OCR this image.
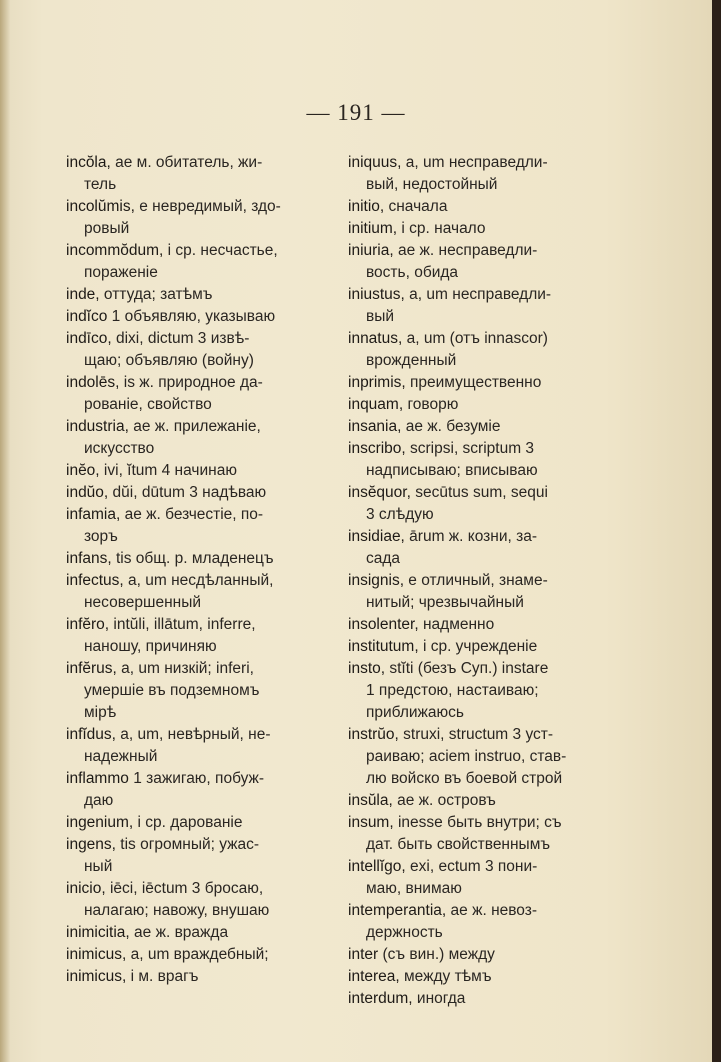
— 191 —
incŏla, ae м. обитатель, жи-
тель
incolŭmis, e невредимый, здо-
ровый
incommŏdum, i ср. несчастье,
пораженіе
inde, оттуда; затѣмъ
indĭco 1 объявляю, указываю
indīco, dixi, dictum 3 извѣ-
щаю; объявляю (войну)
indolēs, is ж. природное да-
рованіе, свойство
industria, ae ж. прилежаніе,
искусство
inĕo, ivi, ĭtum 4 начинаю
indŭo, dŭi, dūtum 3 надѣваю
infamia, ae ж. безчестіе, по-
зоръ
infans, tis общ. р. младенецъ
infectus, a, um несдѣланный,
несовершенный
infĕro, intŭli, illātum, inferre,
наношу, причиняю
infĕrus, a, um низкій; inferi,
умершіе въ подземномъ
мірѣ
infĭdus, a, um, невѣрный, не-
надежный
inflammo 1 зажигаю, побуж-
даю
ingenium, i ср. дарованіе
ingens, tis огромный; ужас-
ный
inicio, iēci, iēctum 3 бросаю,
налагаю; навожу, внушаю
inimicitia, ae ж. вражда
inimicus, a, um враждебный;
inimicus, i м. врагъ
iniquus, a, um несправедли-
вый, недостойный
initio, сначала
initium, i ср. начало
iniuria, ae ж. несправедли-
вость, обида
iniustus, a, um несправедли-
вый
innatus, a, um (отъ innascor)
врожденный
inprimis, преимущественно
inquam, говорю
insania, ae ж. безуміе
inscribo, scripsi, scriptum 3
надписываю; вписываю
insĕquor, secūtus sum, sequi
3 слѣдую
insidiae, ārum ж. козни, за-
сада
insignis, e отличный, знаме-
нитый; чрезвычайный
insolenter, надменно
institutum, i ср. учрежденіе
insto, stĭti (безъ Суп.) instare
1 предстою, настаиваю;
приближаюсь
instrŭo, struxi, structum 3 уст-
раиваю; aciem instruo, став-
лю войско въ боевой строй
insŭla, ae ж. островъ
insum, inesse быть внутри; съ
дат. быть свойственнымъ
intellĭgo, exi, ectum 3 пони-
маю, внимаю
intemperantia, ae ж. невоз-
держность
inter (съ вин.) между
interea, между тѣмъ
interdum, иногда
